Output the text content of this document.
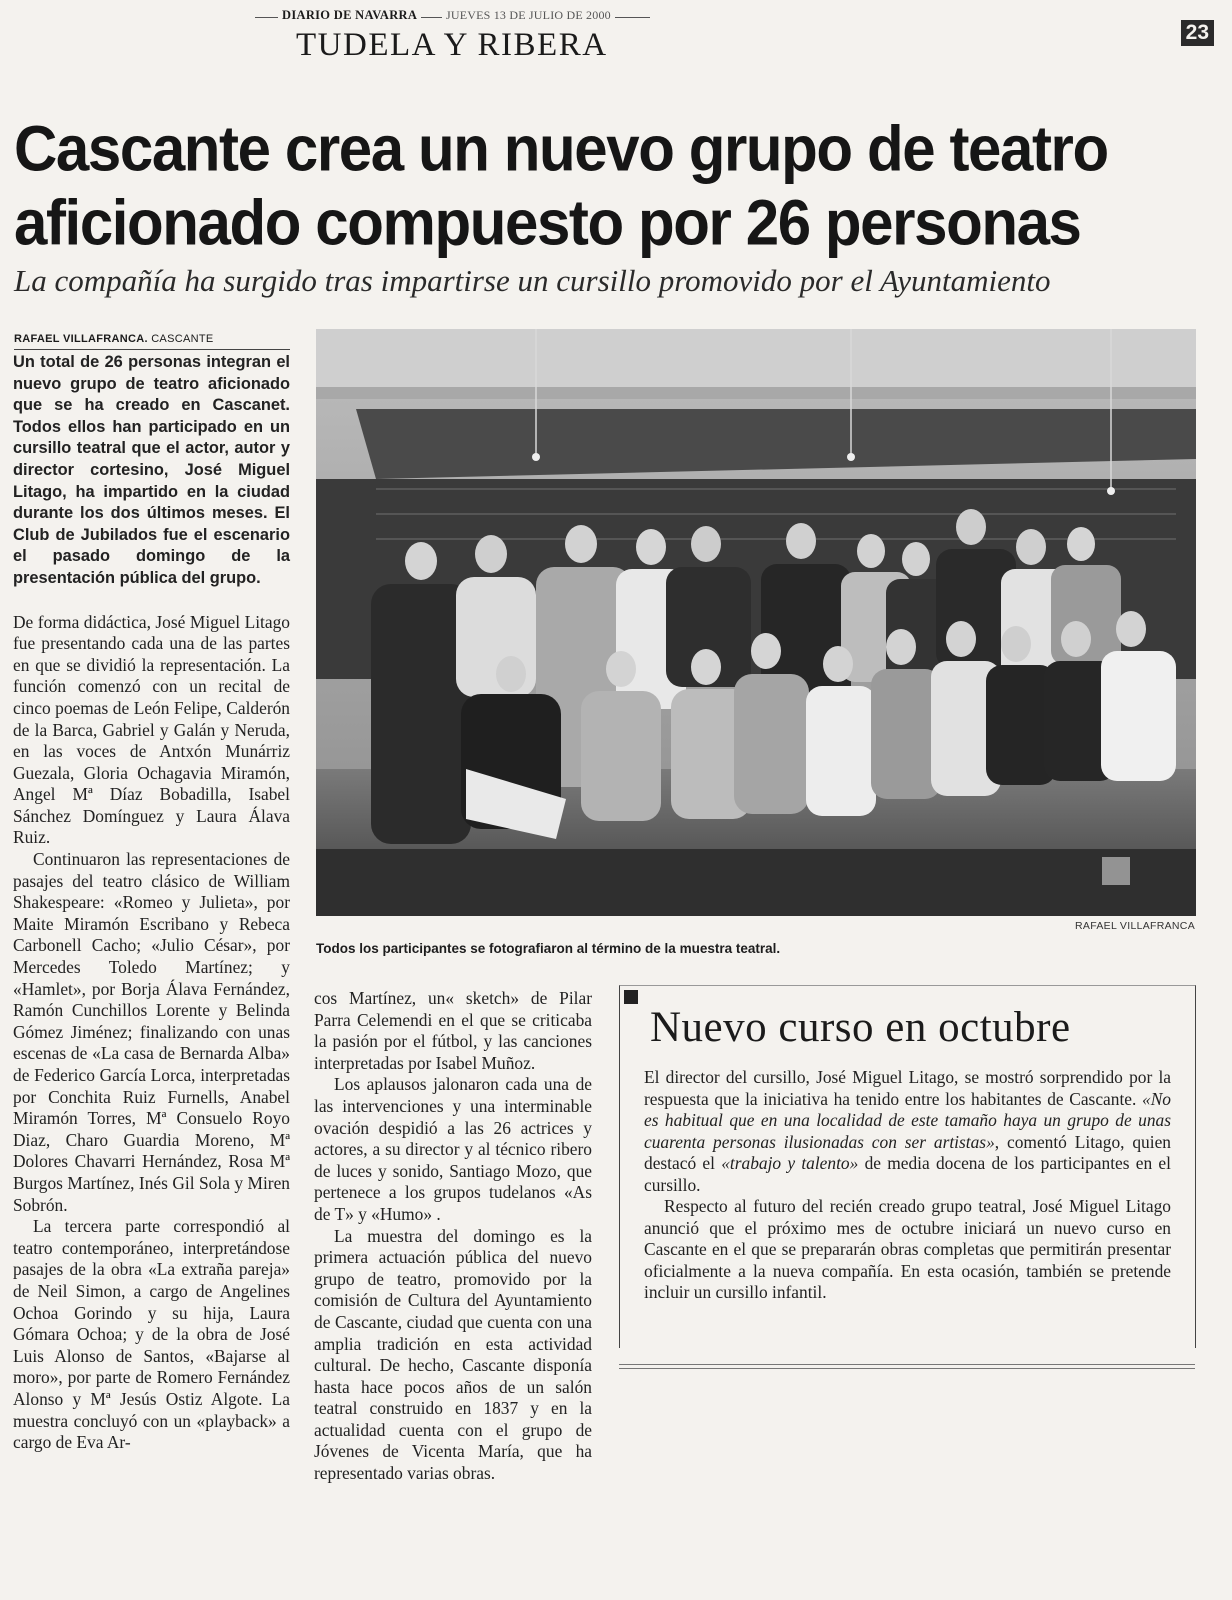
DIARIO DE NAVARRA	JUEVES 13 DE JULIO DE 2000
TUDELA Y RIBERA	23
Cascante crea un nuevo grupo de teatro
aficionado compuesto por 26 personas
La compañía ha surgido tras impartirse un cursillo promovido por el Ayuntamiento
RAFAEL VILLAFRANCA. CASCANTE

Un total de 26 personas integran el nuevo grupo de teatro aficionado que se ha creado en Cascanet. Todos ellos han participado en un cursillo teatral que el actor, autor y director cortesino, José Miguel Litago, ha impartido en la ciudad durante los dos últimos meses. El Club de Jubilados fue el escenario el pasado domingo de la presentación pública del grupo.

De forma didáctica, José Miguel Litago fue presentando cada una de las partes en que se dividió la representación. La función comenzó con un recital de cinco poemas de León Felipe, Calderón de la Barca, Gabriel y Galán y Neruda, en las voces de Antxón Munárriz Guezala, Gloria Ochagavia Miramón, Angel Mª Díaz Bobadilla, Isabel Sánchez Domínguez y Laura Álava Ruiz.

Continuaron las representaciones de pasajes del teatro clásico de William Shakespeare: «Romeo y Julieta», por Maite Miramón Escribano y Rebeca Carbonell Cacho; «Julio César», por Mercedes Toledo Martínez; y «Hamlet», por Borja Álava Fernández, Ramón Cunchillos Lorente y Belinda Gómez Jiménez; finalizando con unas escenas de «La casa de Bernarda Alba» de Federico García Lorca, interpretadas por Conchita Ruiz Furnells, Anabel Miramón Torres, Mª Consuelo Royo Diaz, Charo Guardia Moreno, Mª Dolores Chavarri Hernández, Rosa Mª Burgos Martínez, Inés Gil Sola y Miren Sobrón.

La tercera parte correspondió al teatro contemporáneo, interpretándose pasajes de la obra «La extraña pareja» de Neil Simon, a cargo de Angelines Ochoa Gorindo y su hija, Laura Gómara Ochoa; y de la obra de José Luis Alonso de Santos, «Bajarse al moro», por parte de Romero Fernández Alonso y Mª Jesús Ostiz Algote. La muestra concluyó con un «playback» a cargo de Eva Ar-

RAFAEL VILLAFRANCA
Todos los participantes se fotografiaron al término de la muestra teatral.

cos Martínez, un« sketch» de Pilar Parra Celemendi en el que se criticaba la pasión por el fútbol, y las canciones interpretadas por Isabel Muñoz.

Los aplausos jalonaron cada una de las intervenciones y una interminable ovación despidió a las 26 actrices y actores, a su director y al técnico ribero de luces y sonido, Santiago Mozo, que pertenece a los grupos tudelanos «As de T» y «Humo» .

La muestra del domingo es la primera actuación pública del nuevo grupo de teatro, promovido por la comisión de Cultura del Ayuntamiento de Cascante, ciudad que cuenta con una amplia tradición en esta actividad cultural. De hecho, Cascante disponía hasta hace pocos años de un salón teatral construido en 1837 y en la actualidad cuenta con el grupo de Jóvenes de Vicenta María, que ha representado varias obras.

Nuevo curso en octubre

El director del cursillo, José Miguel Litago, se mostró sorprendido por la respuesta que la iniciativa ha tenido entre los habitantes de Cascante. «No es habitual que en una localidad de este tamaño haya un grupo de unas cuarenta personas ilusionadas con ser artistas», comentó Litago, quien destacó el «trabajo y talento» de media docena de los participantes en el cursillo.

Respecto al futuro del recién creado grupo teatral, José Miguel Litago anunció que el próximo mes de octubre iniciará un nuevo curso en Cascante en el que se prepararán obras completas que permitirán presentar oficialmente a la nueva compañía. En esta ocasión, también se pretende incluir un cursillo infantil.
